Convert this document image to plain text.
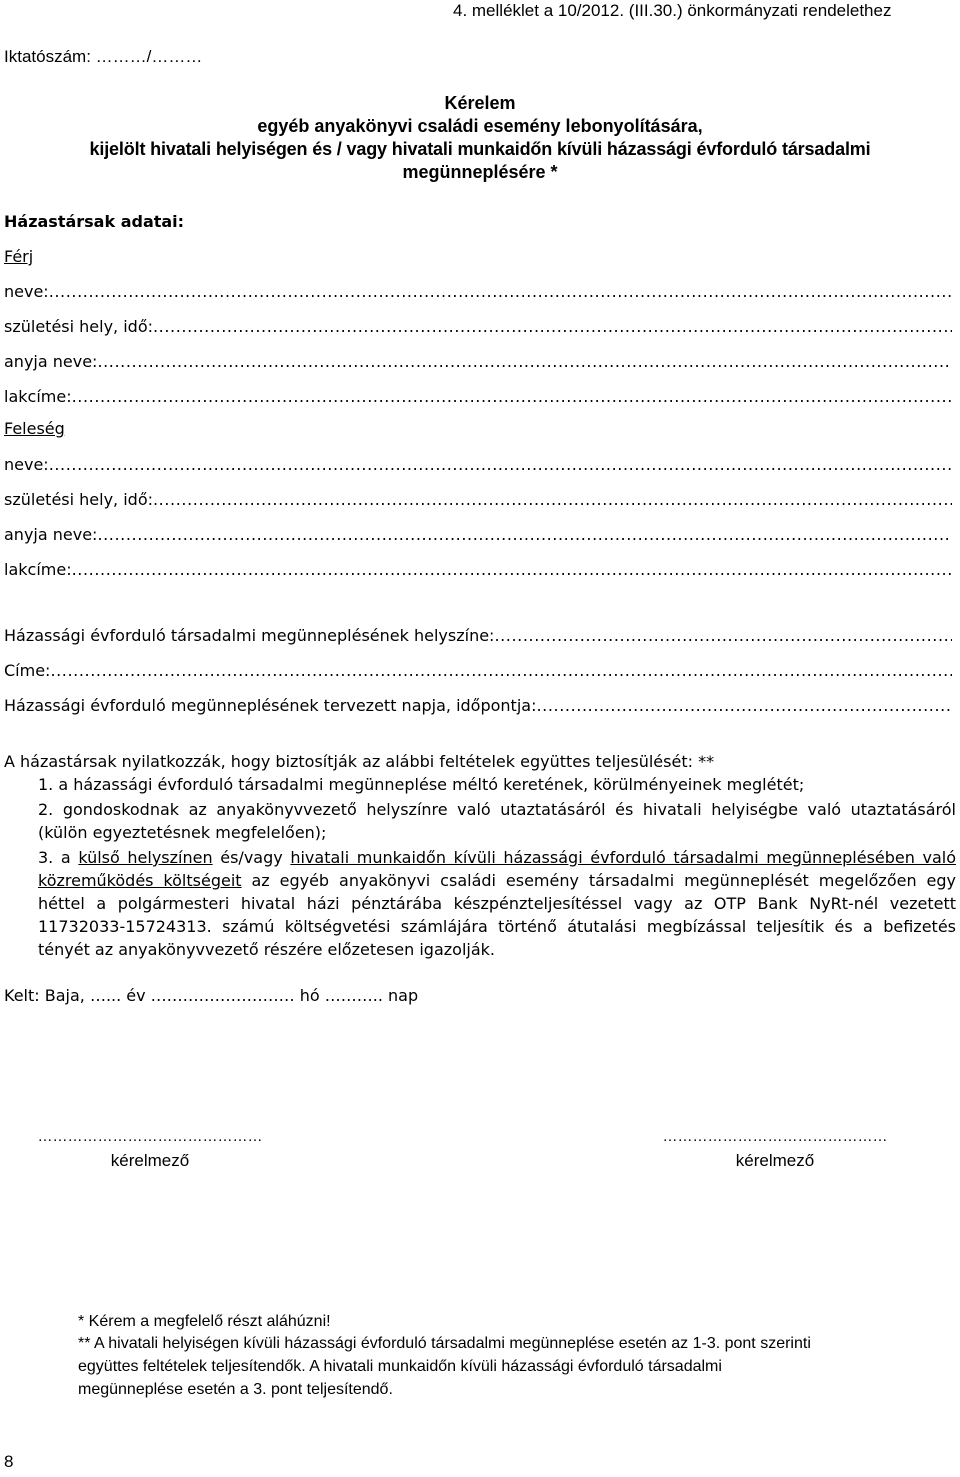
4. melléklet a 10/2012. (III.30.) önkormányzati rendelethez
Iktatószám: ………/………
Kérelem
egyéb anyakönyvi családi esemény lebonyolítására,
kijelölt hivatali helyiségen és / vagy hivatali munkaidőn kívüli házassági évforduló társadalmi
megünneplésére *
Házastársak adatai:
Férj
neve:
.....
születési hely, idő:
.....
anyja neve:
.....
lakcíme:
.....
Feleség
neve:
.....
születési hely, idő:
.....
anyja neve:
.....
lakcíme:
.....
Házassági évforduló társadalmi megünneplésének helyszíne:
.....
Címe:
.....
Házassági évforduló megünneplésének tervezett napja, időpontja:
.....
A házastársak nyilatkozzák, hogy biztosítják az alábbi feltételek együttes teljesülését: **
1. a házassági évforduló társadalmi megünneplése méltó keretének, körülményeinek meglétét;
2. gondoskodnak az anyakönyvvezető helyszínre való utaztatásáról és hivatali helyiségbe való utaztatásáról (külön egyeztetésnek megfelelően);
3. a külső helyszínen és/vagy hivatali munkaidőn kívüli házassági évforduló társadalmi megünneplésében való közreműködés költségeit az egyéb anyakönyvi családi esemény társadalmi megünneplését megelőzően egy héttel a polgármesteri hivatal házi pénztárába készpénzteljesítéssel vagy az OTP Bank NyRt-nél vezetett 11732033-15724313. számú költségvetési számlájára történő átutalási megbízással teljesítik és a befizetés tényét az anyakönyvvezető részére előzetesen igazolják.
Kelt: Baja, …... év ……………………… hó ……….. nap
………………………………………
kérelmező
………………………………………
kérelmező
* Kérem a megfelelő részt aláhúzni!
** A hivatali helyiségen kívüli házassági évforduló társadalmi megünneplése esetén az 1-3. pont szerinti
együttes feltételek teljesítendők. A hivatali munkaidőn kívüli házassági évforduló társadalmi
megünneplése esetén a 3. pont teljesítendő.
8
